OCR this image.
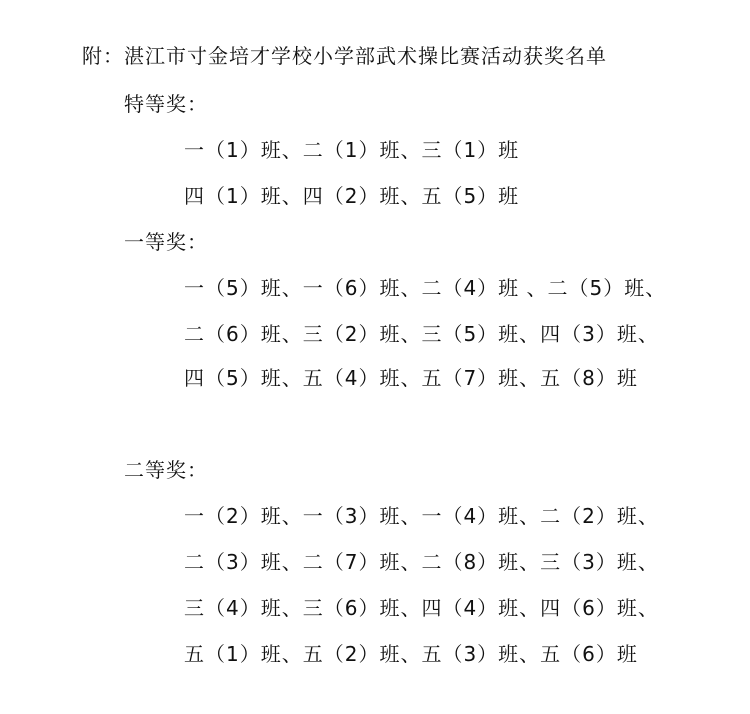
附：湛江市寸金培才学校小学部武术操比赛活动获奖名单
特等奖：
一（1）班、二（1）班、三（1）班
四（1）班、四（2）班、五（5）班
一等奖：
一（5）班、一（6）班、二（4）班 、二（5）班、
二（6）班、三（2）班、三（5）班、四（3）班、
四（5）班、五（4）班、五（7）班、五（8）班
二等奖：
一（2）班、一（3）班、一（4）班、二（2）班、
二（3）班、二（7）班、二（8）班、三（3）班、
三（4）班、三（6）班、四（4）班、四（6）班、
五（1）班、五（2）班、五（3）班、五（6）班
